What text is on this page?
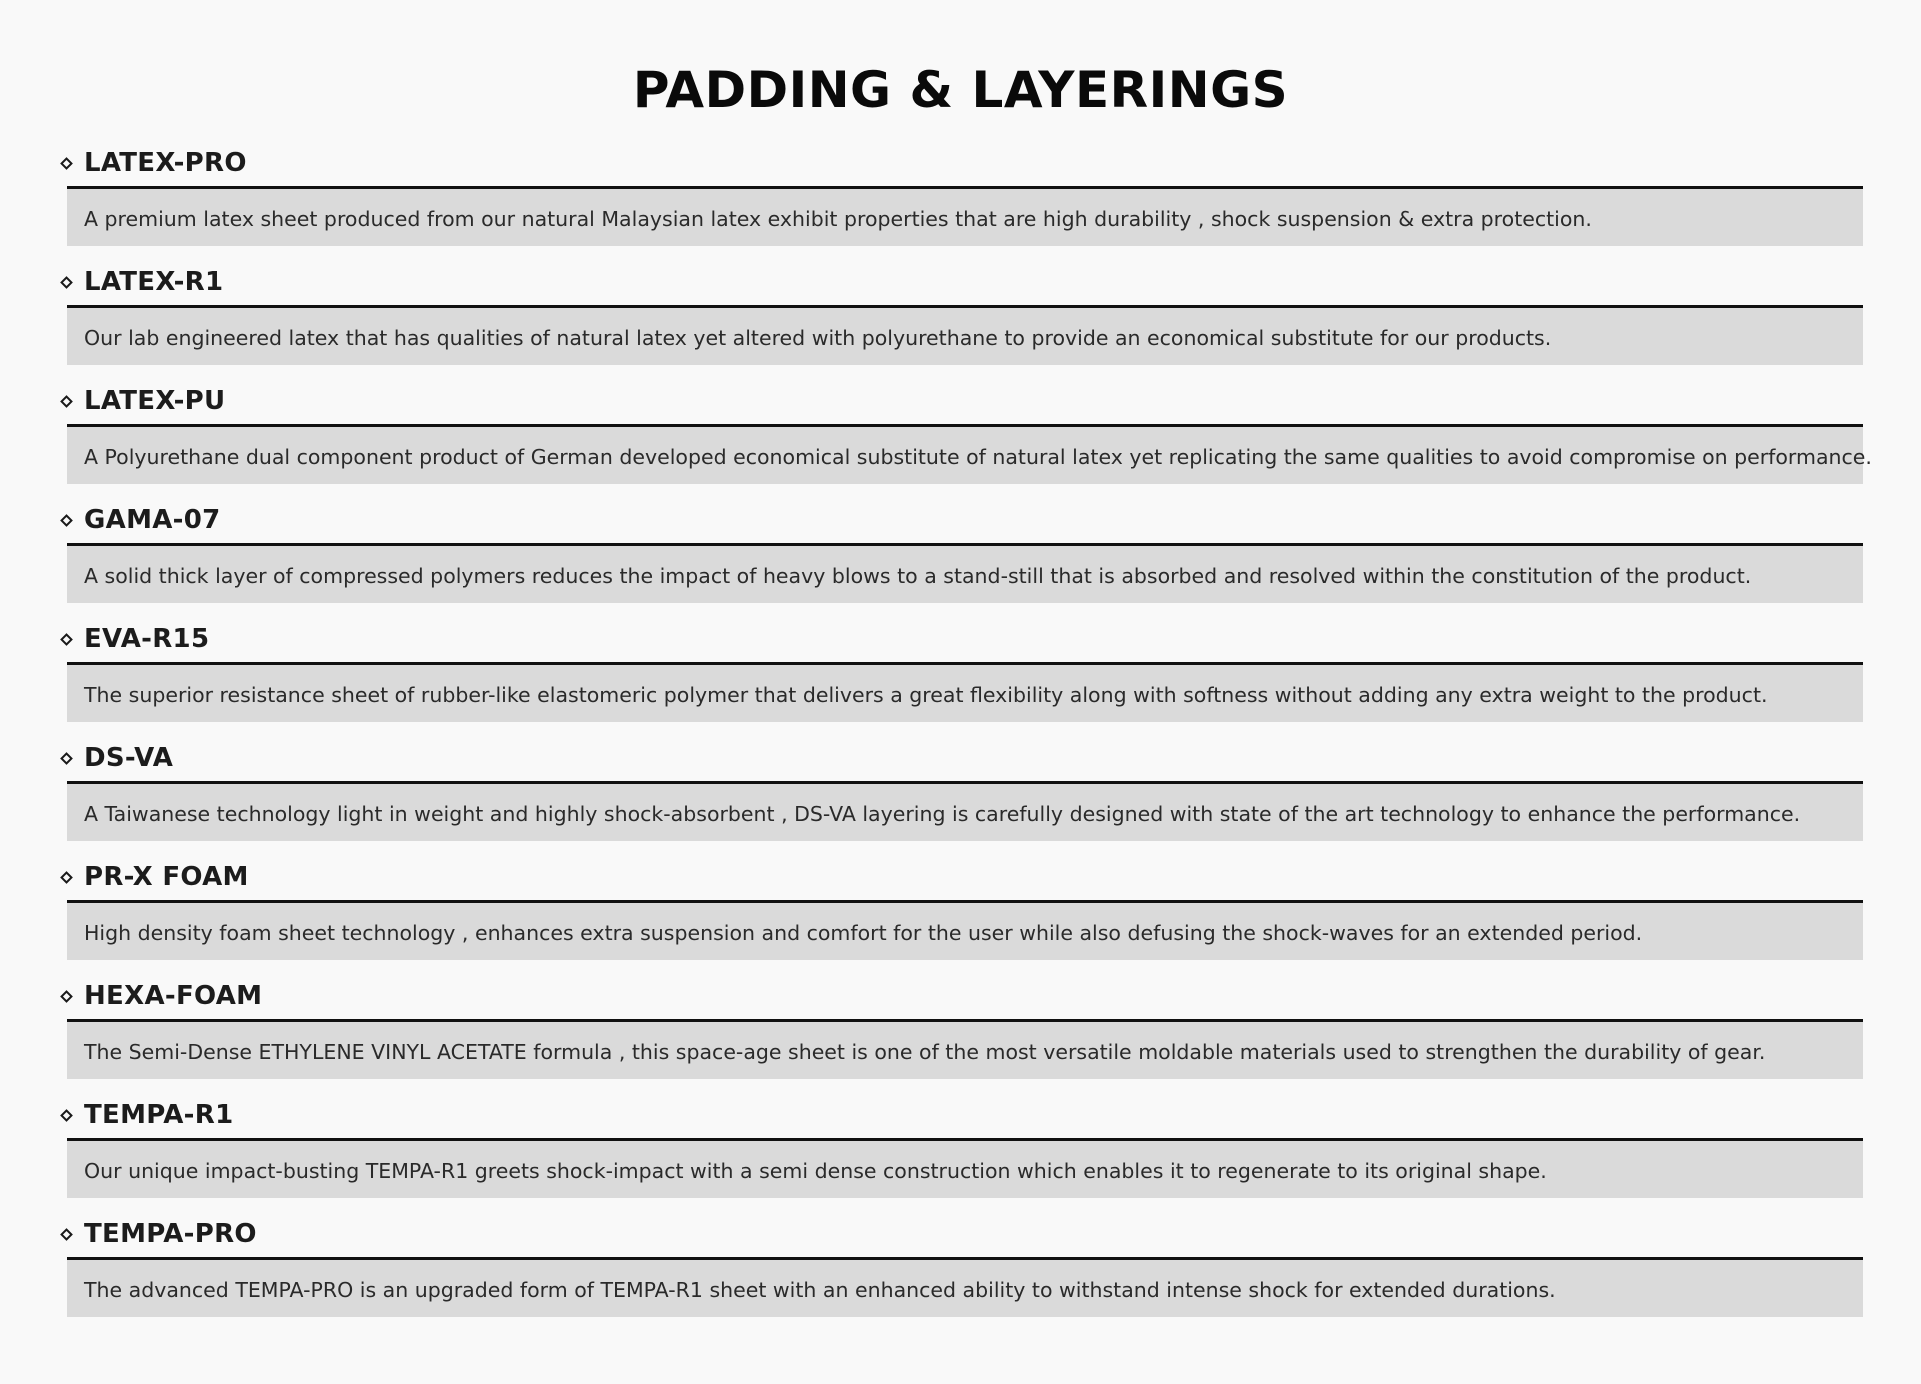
PADDING & LAYERINGS
LATEX-PRO
A premium latex sheet produced from our natural Malaysian latex exhibit properties that are high durability , shock suspension & extra protection.
LATEX-R1
Our lab engineered latex that has qualities of natural latex yet altered with polyurethane to provide an economical substitute for our products.
LATEX-PU
A Polyurethane dual component product of German developed economical substitute of natural latex yet replicating the same qualities to avoid compromise on performance.
GAMA-07
A solid thick layer of compressed polymers reduces the impact of heavy blows to a stand-still that is absorbed and resolved within the constitution of the product.
EVA-R15
The superior resistance sheet of rubber-like elastomeric polymer that delivers a great flexibility along with softness without adding any extra weight to the product.
DS-VA
A Taiwanese technology light in weight and highly shock-absorbent , DS-VA layering is carefully designed with state of the art technology to enhance the performance.
PR-X FOAM
High density foam sheet technology , enhances extra suspension and comfort for the user while also defusing the shock-waves for an extended period.
HEXA-FOAM
The Semi-Dense ETHYLENE VINYL ACETATE formula , this space-age sheet is one of the most versatile moldable materials used to strengthen the durability of gear.
TEMPA-R1
Our unique impact-busting TEMPA-R1 greets shock-impact with a semi dense construction which enables it to regenerate to its original shape.
TEMPA-PRO
The advanced TEMPA-PRO is an upgraded form of TEMPA-R1 sheet with an enhanced ability to withstand intense shock for extended durations.
